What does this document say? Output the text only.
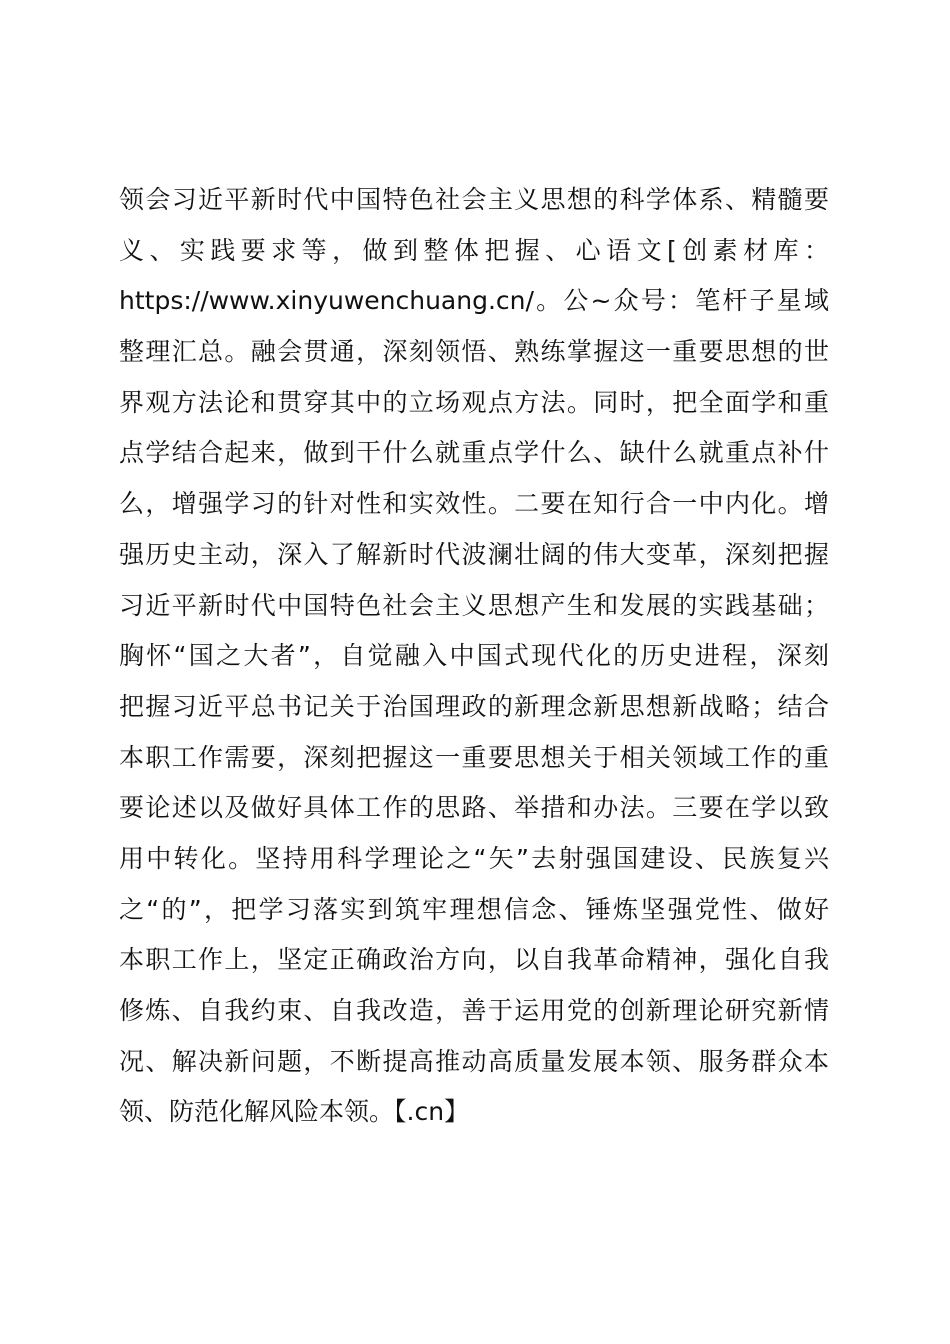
领会习近平新时代中国特色社会主义思想的科学体系、精髓要
义、实践要求等，做到整体把握、心语文[创素材库：
https://www.xinyuwenchuang.cn/。公~众号：笔杆子星域
整理汇总。融会贯通，深刻领悟、熟练掌握这一重要思想的世
界观方法论和贯穿其中的立场观点方法。同时，把全面学和重
点学结合起来，做到干什么就重点学什么、缺什么就重点补什
么，增强学习的针对性和实效性。二要在知行合一中内化。增
强历史主动，深入了解新时代波澜壮阔的伟大变革，深刻把握
习近平新时代中国特色社会主义思想产生和发展的实践基础；
胸怀“国之大者”，自觉融入中国式现代化的历史进程，深刻
把握习近平总书记关于治国理政的新理念新思想新战略；结合
本职工作需要，深刻把握这一重要思想关于相关领域工作的重
要论述以及做好具体工作的思路、举措和办法。三要在学以致
用中转化。坚持用科学理论之“矢”去射强国建设、民族复兴
之“的”，把学习落实到筑牢理想信念、锤炼坚强党性、做好
本职工作上，坚定正确政治方向，以自我革命精神，强化自我
修炼、自我约束、自我改造，善于运用党的创新理论研究新情
况、解决新问题，不断提高推动高质量发展本领、服务群众本
领、防范化解风险本领。【.cn】
